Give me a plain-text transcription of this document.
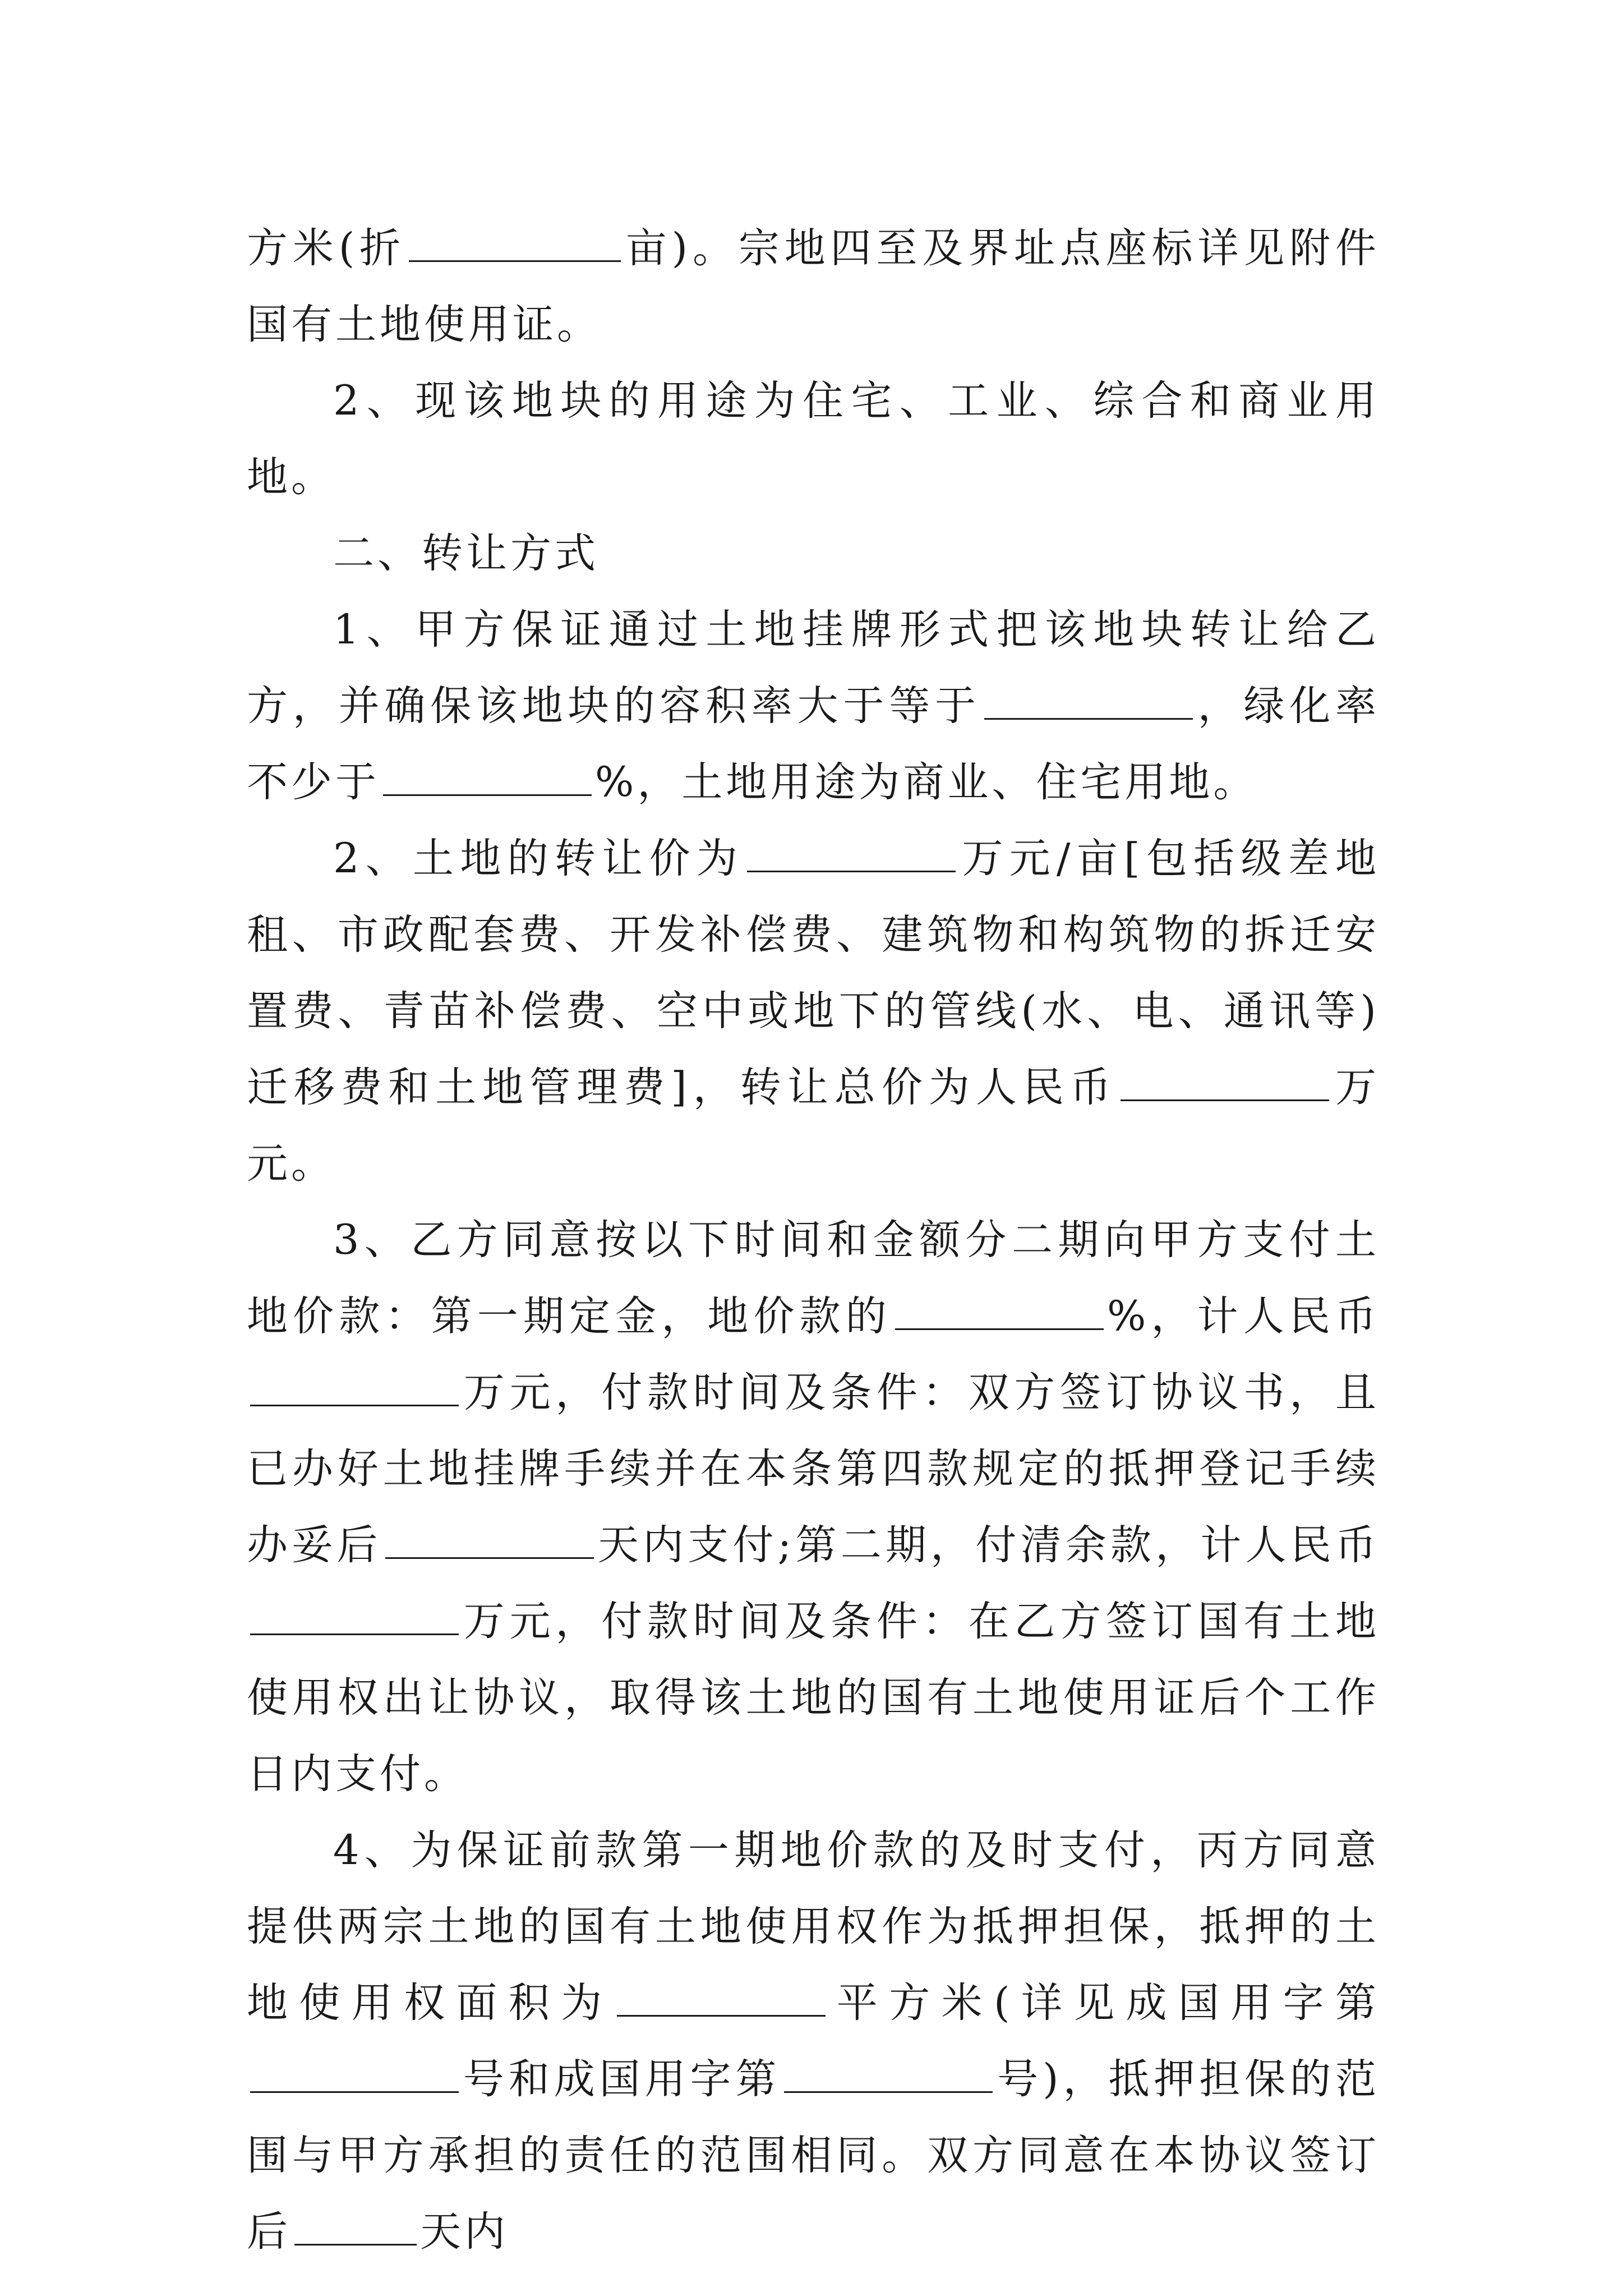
方米(折	亩)。宗地四至及界址点座标详见附件国有土地使用证。

2、现该地块的用途为住宅、工业、综合和商业用地。

二、转让方式

1、甲方保证通过土地挂牌形式把该地块转让给乙方，并确保该地块的容积率大于等于	，绿化率不少于	%，土地用途为商业、住宅用地。

2、土地的转让价为	万元/亩[包括级差地租、市政配套费、开发补偿费、建筑物和构筑物的拆迁安置费、青苗补偿费、空中或地下的管线(水、电、通讯等)迁移费和土地管理费]，转让总价为人民币	万元。

3、乙方同意按以下时间和金额分二期向甲方支付土地价款：第一期定金，地价款的	%，计人民币万元，付款时间及条件：双方签订协议书，且已办好土地挂牌手续并在本条第四款规定的抵押登记手续办妥后	天内支付;第二期，付清余款，计人民币万元，付款时间及条件：在乙方签订国有土地使用权出让协议，取得该土地的国有土地使用证后个工作日内支付。

4、为保证前款第一期地价款的及时支付，丙方同意提供两宗土地的国有土地使用权作为抵押担保，抵押的土地使用权面积为	平方米(详见成国用字第号和成国用字第	号)，抵押担保的范围与甲方承担的责任的范围相同。双方同意在本协议签订后	天内
